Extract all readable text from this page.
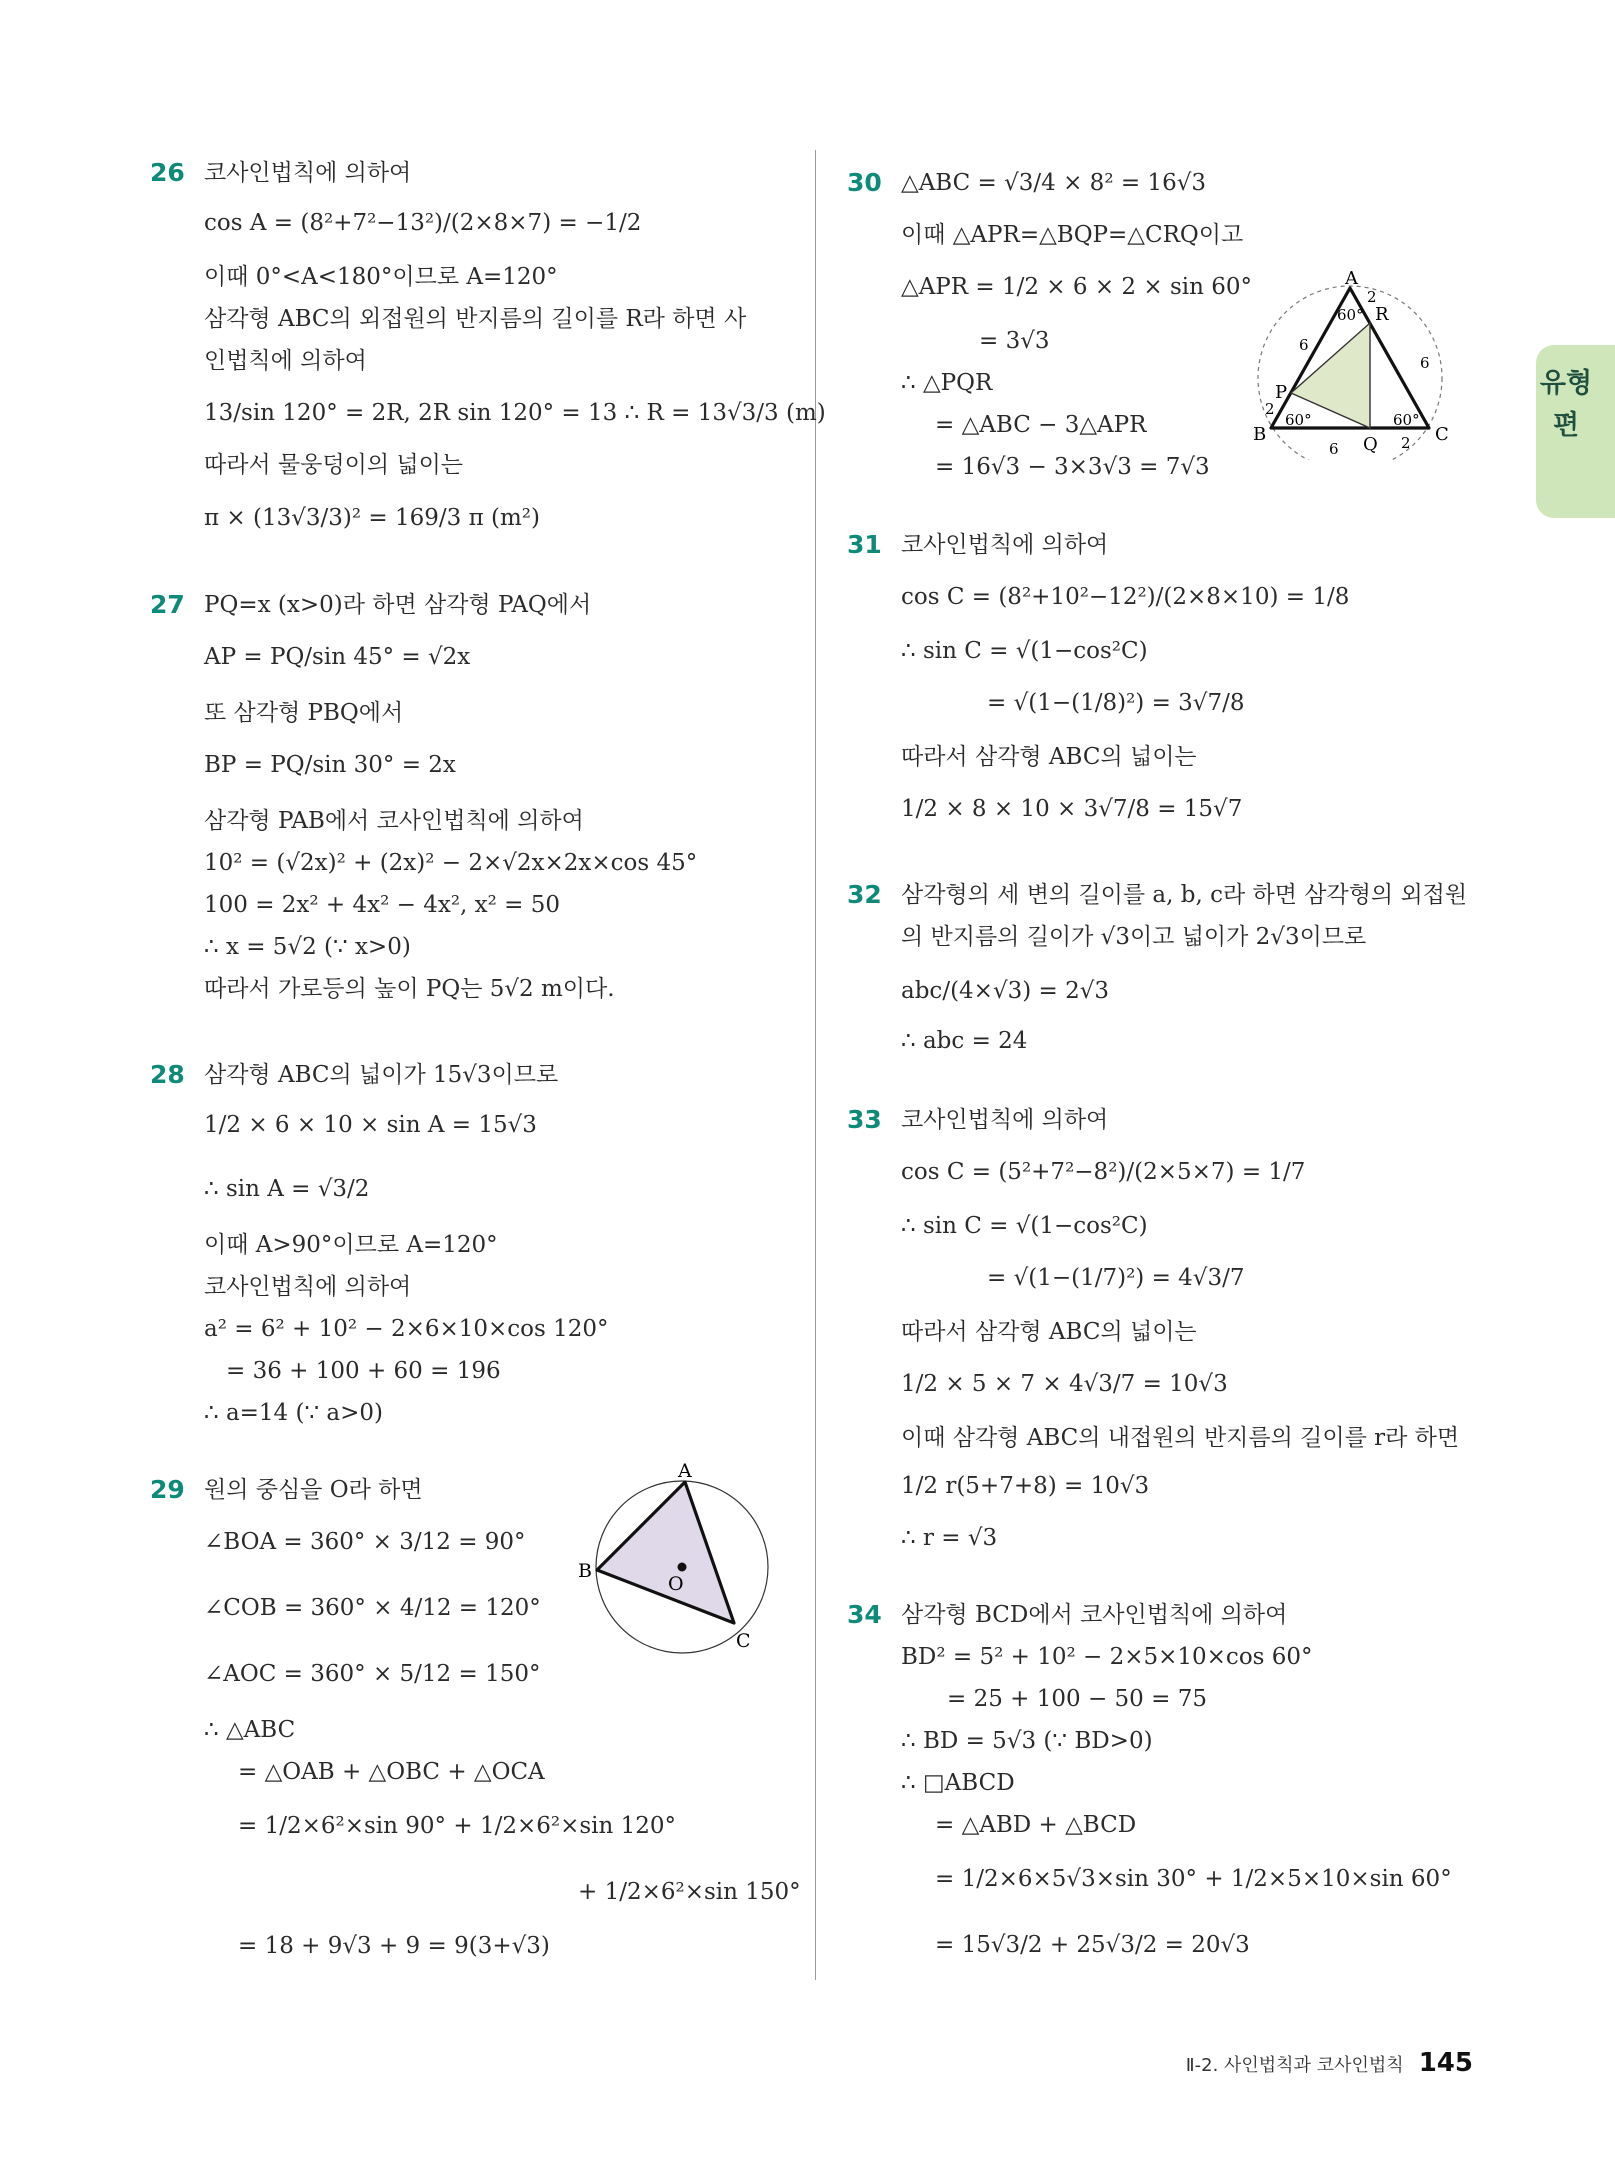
유형편
26 코사인법칙에 의하여
cos A = (8²+7²−13²)/(2×8×7) = −1/2
이때 0°<A<180°이므로 A=120°
삼각형 ABC의 외접원의 반지름의 길이를 R라 하면 사
인법칙에 의하여
13/sin 120° = 2R, 2R sin 120° = 13 ∴ R = 13√3/3 (m)
따라서 물웅덩이의 넓이는
π × (13√3/3)² = 169/3 π (m²)
27 PQ=x (x>0)라 하면 삼각형 PAQ에서
AP = PQ/sin 45° = √2x
또 삼각형 PBQ에서
BP = PQ/sin 30° = 2x
삼각형 PAB에서 코사인법칙에 의하여
10² = (√2x)² + (2x)² − 2×√2x×2x×cos 45°
100 = 2x² + 4x² − 4x², x² = 50
∴ x = 5√2 (∵ x>0)
따라서 가로등의 높이 PQ는 5√2 m이다.
28 삼각형 ABC의 넓이가 15√3이므로
1/2 × 6 × 10 × sin A = 15√3
∴ sin A = √3/2
이때 A>90°이므로 A=120°
코사인법칙에 의하여
a² = 6² + 10² − 2×6×10×cos 120°
= 36 + 100 + 60 = 196
∴ a=14 (∵ a>0)
29 원의 중심을 O라 하면
∠BOA = 360° × 3/12 = 90°
∠COB = 360° × 4/12 = 120°
∠AOC = 360° × 5/12 = 150°
∴ △ABC
= △OAB + △OBC + △OCA
= 1/2×6²×sin 90° + 1/2×6²×sin 120°
+ 1/2×6²×sin 150°
= 18 + 9√3 + 9 = 9(3+√3)
A
B
C
O
30 △ABC = √3/4 × 8² = 16√3
이때 △APR=△BQP=△CRQ이고
△APR = 1/2 × 6 × 2 × sin 60°
= 3√3
∴ △PQR
= △ABC − 3△APR
= 16√3 − 3×3√3 = 7√3
A
B	C
P
Q
R
60°
60°	60°
6
6
6
2
2
2
31 코사인법칙에 의하여
cos C = (8²+10²−12²)/(2×8×10) = 1/8
∴ sin C = √(1−cos²C)
= √(1−(1/8)²) = 3√7/8
따라서 삼각형 ABC의 넓이는
1/2 × 8 × 10 × 3√7/8 = 15√7
32 삼각형의 세 변의 길이를 a, b, c라 하면 삼각형의 외접원
의 반지름의 길이가 √3이고 넓이가 2√3이므로
abc/(4×√3) = 2√3
∴ abc = 24
33 코사인법칙에 의하여
cos C = (5²+7²−8²)/(2×5×7) = 1/7
∴ sin C = √(1−cos²C)
= √(1−(1/7)²) = 4√3/7
따라서 삼각형 ABC의 넓이는
1/2 × 5 × 7 × 4√3/7 = 10√3
이때 삼각형 ABC의 내접원의 반지름의 길이를 r라 하면
1/2 r(5+7+8) = 10√3
∴ r = √3
34 삼각형 BCD에서 코사인법칙에 의하여
BD² = 5² + 10² − 2×5×10×cos 60°
= 25 + 100 − 50 = 75
∴ BD = 5√3 (∵ BD>0)
∴ □ABCD
= △ABD + △BCD
= 1/2×6×5√3×sin 30° + 1/2×5×10×sin 60°
= 15√3/2 + 25√3/2 = 20√3
Ⅱ-2. 사인법칙과 코사인법칙 145
